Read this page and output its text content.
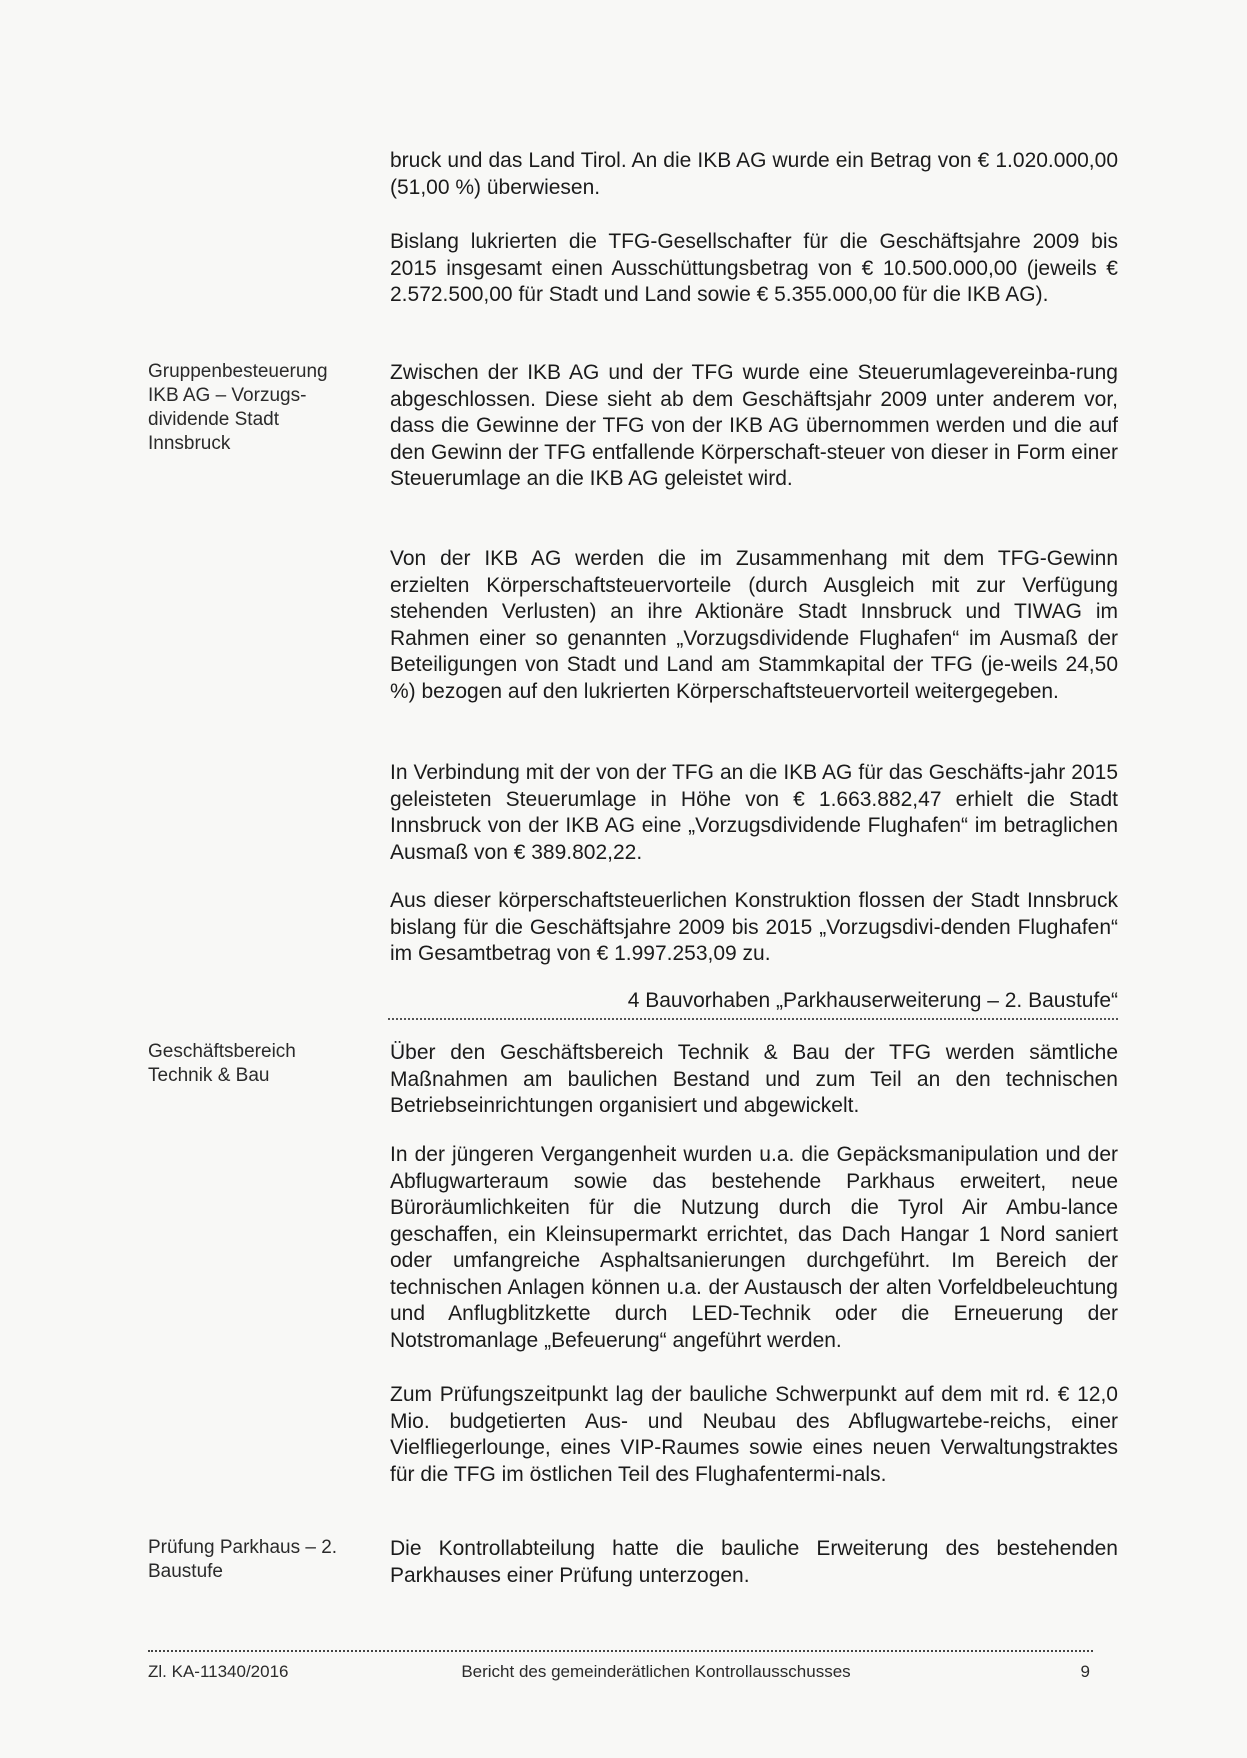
bruck und das Land Tirol. An die IKB AG wurde ein Betrag von € 1.020.000,00 (51,00 %) überwiesen.
Bislang lukrierten die TFG-Gesellschafter für die Geschäftsjahre 2009 bis 2015 insgesamt einen Ausschüttungsbetrag von € 10.500.000,00 (jeweils € 2.572.500,00 für Stadt und Land sowie € 5.355.000,00 für die IKB AG).
Gruppenbesteuerung IKB AG – Vorzugs-dividende Stadt Innsbruck
Zwischen der IKB AG und der TFG wurde eine Steuerumlagevereinba-rung abgeschlossen. Diese sieht ab dem Geschäftsjahr 2009 unter anderem vor, dass die Gewinne der TFG von der IKB AG übernommen werden und die auf den Gewinn der TFG entfallende Körperschaft-steuer von dieser in Form einer Steuerumlage an die IKB AG geleistet wird.
Von der IKB AG werden die im Zusammenhang mit dem TFG-Gewinn erzielten Körperschaftsteuervorteile (durch Ausgleich mit zur Verfügung stehenden Verlusten) an ihre Aktionäre Stadt Innsbruck und TIWAG im Rahmen einer so genannten „Vorzugsdividende Flughafen“ im Ausmaß der Beteiligungen von Stadt und Land am Stammkapital der TFG (je-weils 24,50 %) bezogen auf den lukrierten Körperschaftsteuervorteil weitergegeben.
In Verbindung mit der von der TFG an die IKB AG für das Geschäfts-jahr 2015 geleisteten Steuerumlage in Höhe von € 1.663.882,47 erhielt die Stadt Innsbruck von der IKB AG eine „Vorzugsdividende Flughafen“ im betraglichen Ausmaß von € 389.802,22.
Aus dieser körperschaftsteuerlichen Konstruktion flossen der Stadt Innsbruck bislang für die Geschäftsjahre 2009 bis 2015 „Vorzugsdivi-denden Flughafen“ im Gesamtbetrag von € 1.997.253,09 zu.
4 Bauvorhaben „Parkhauserweiterung – 2. Baustufe“
Geschäftsbereich Technik & Bau
Über den Geschäftsbereich Technik & Bau der TFG werden sämtliche Maßnahmen am baulichen Bestand und zum Teil an den technischen Betriebseinrichtungen organisiert und abgewickelt.
In der jüngeren Vergangenheit wurden u.a. die Gepäcksmanipulation und der Abflugwarteraum sowie das bestehende Parkhaus erweitert, neue Büroräumlichkeiten für die Nutzung durch die Tyrol Air Ambu-lance geschaffen, ein Kleinsupermarkt errichtet, das Dach Hangar 1 Nord saniert oder umfangreiche Asphaltsanierungen durchgeführt. Im Bereich der technischen Anlagen können u.a. der Austausch der alten Vorfeldbeleuchtung und Anflugblitzkette durch LED-Technik oder die Erneuerung der Notstromanlage „Befeuerung“ angeführt werden.
Zum Prüfungszeitpunkt lag der bauliche Schwerpunkt auf dem mit rd. € 12,0 Mio. budgetierten Aus- und Neubau des Abflugwartebe-reichs, einer Vielfliegerlounge, eines VIP-Raumes sowie eines neuen Verwaltungstraktes für die TFG im östlichen Teil des Flughafentermi-nals.
Prüfung Parkhaus – 2. Baustufe
Die Kontrollabteilung hatte die bauliche Erweiterung des bestehenden Parkhauses einer Prüfung unterzogen.
Zl. KA-11340/2016	Bericht des gemeinderätlichen Kontrollausschusses	9
